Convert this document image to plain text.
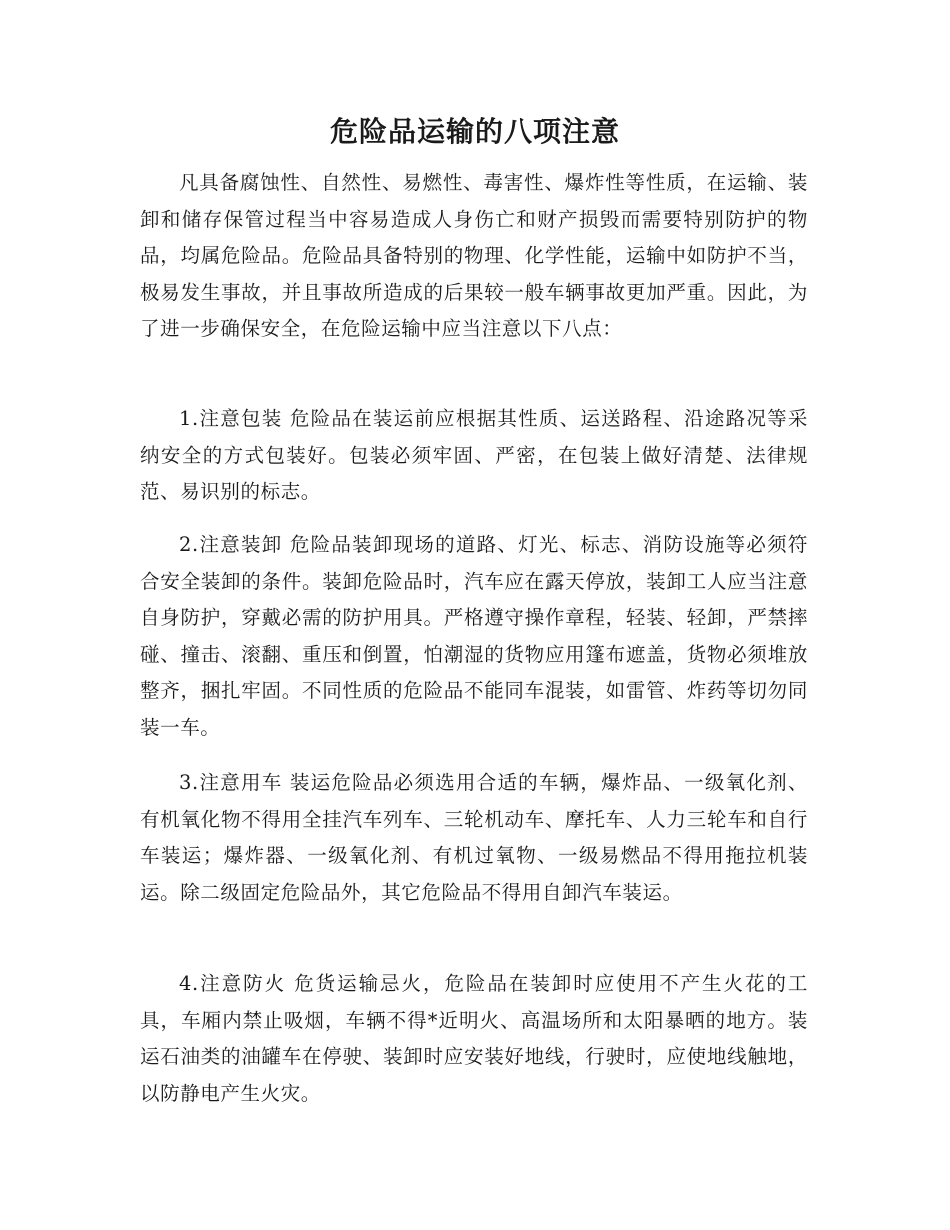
危险品运输的八项注意

凡具备腐蚀性、自然性、易燃性、毒害性、爆炸性等性质，在运输、装卸和储存保管过程当中容易造成人身伤亡和财产损毁而需要特别防护的物品，均属危险品。危险品具备特别的物理、化学性能，运输中如防护不当，极易发生事故，并且事故所造成的后果较一般车辆事故更加严重。因此，为了进一步确保安全，在危险运输中应当注意以下八点：

1.注意包装 危险品在装运前应根据其性质、运送路程、沿途路况等采纳安全的方式包装好。包装必须牢固、严密，在包装上做好清楚、法律规范、易识别的标志。

2.注意装卸 危险品装卸现场的道路、灯光、标志、消防设施等必须符合安全装卸的条件。装卸危险品时，汽车应在露天停放，装卸工人应当注意自身防护，穿戴必需的防护用具。严格遵守操作章程，轻装、轻卸，严禁摔碰、撞击、滚翻、重压和倒置，怕潮湿的货物应用篷布遮盖，货物必须堆放整齐，捆扎牢固。不同性质的危险品不能同车混装，如雷管、炸药等切勿同装一车。

3.注意用车 装运危险品必须选用合适的车辆，爆炸品、一级氧化剂、有机氧化物不得用全挂汽车列车、三轮机动车、摩托车、人力三轮车和自行车装运；爆炸器、一级氧化剂、有机过氧物、一级易燃品不得用拖拉机装运。除二级固定危险品外，其它危险品不得用自卸汽车装运。

4.注意防火 危货运输忌火，危险品在装卸时应使用不产生火花的工具，车厢内禁止吸烟，车辆不得*近明火、高温场所和太阳暴晒的地方。装运石油类的油罐车在停驶、装卸时应安装好地线，行驶时，应使地线触地，以防静电产生火灾。
